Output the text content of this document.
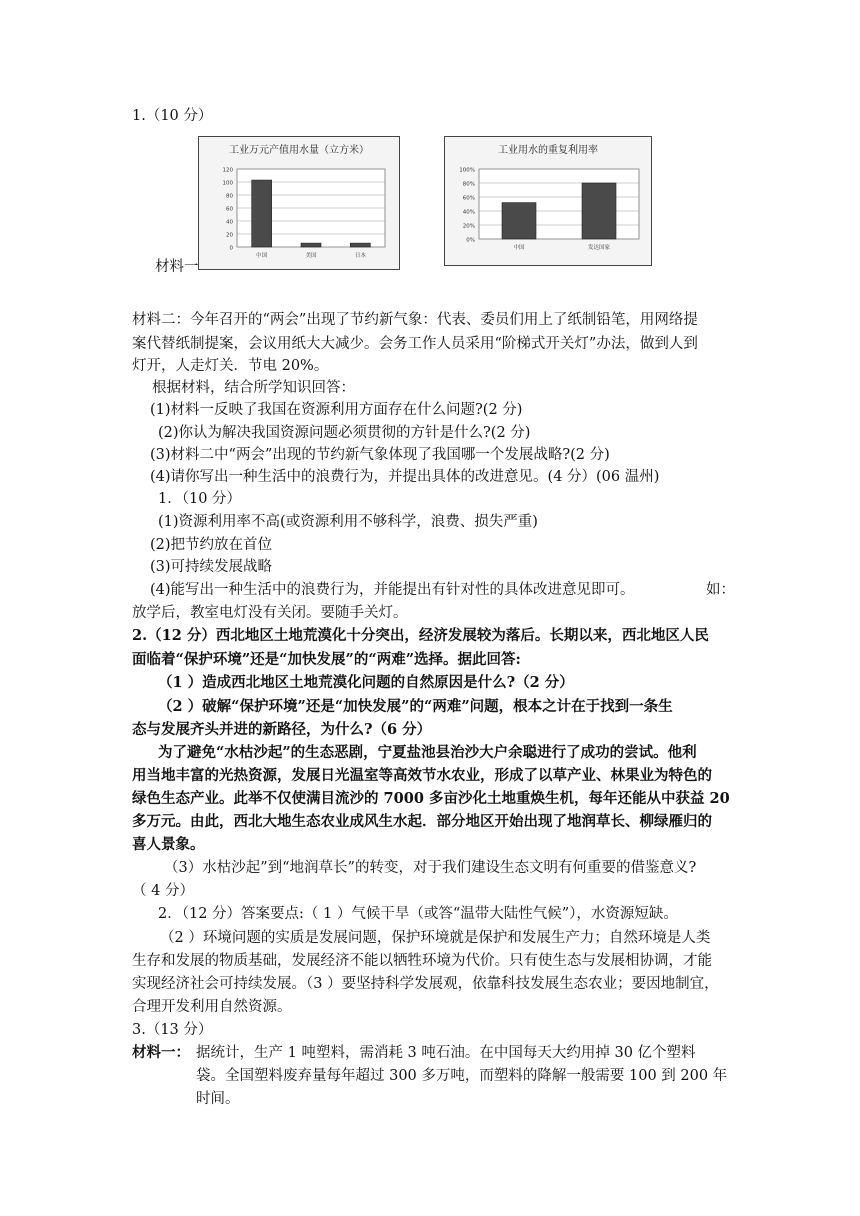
1.（10 分）
工业万元产值用水量（立方米）
0
20
40
60
80
100
120
中国	美国	日本
工业用水的重复利用率
0%
20%
40%
60%
80%
100%
中国	发达国家
材料一
材料二：今年召开的“两会”出现了节约新气象：代表、委员们用上了纸制铅笔，用网络提
案代替纸制提案，会议用纸大大减少。会务工作人员采用“阶梯式开关灯”办法，做到人到
灯开，人走灯关．节电 20%。
根据材料，结合所学知识回答：
(1)材料一反映了我国在资源利用方面存在什么问题?(2 分)
(2)你认为解决我国资源问题必须贯彻的方针是什么?(2 分)
(3)材料二中“两会”出现的节约新气象体现了我国哪一个发展战略?(2 分)
(4)请你写出一种生活中的浪费行为，并提出具体的改进意见。(4 分）(06 温州)
1．（10 分）
(1)资源利用率不高(或资源利用不够科学，浪费、损失严重)
(2)把节约放在首位
(3)可持续发展战略
(4)能写出一种生活中的浪费行为，并能提出有针对性的具体改进意见即可。	如：
放学后，教室电灯没有关闭。要随手关灯。
2.（12 分）西北地区土地荒漠化十分突出，经济发展较为落后。长期以来，西北地区人民
面临着“保护环境”还是“加快发展”的“两难”选择。据此回答:
（1 ）造成西北地区土地荒漠化问题的自然原因是什么?（2 分）
（2 ）破解“保护环境”还是“加快发展”的“两难”问题，根本之计在于找到一条生
态与发展齐头并进的新路径，为什么?（6 分）
为了避免“水枯沙起”的生态恶剧，宁夏盐池县治沙大户余聪进行了成功的尝试。他利
用当地丰富的光热资源，发展日光温室等高效节水农业，形成了以草产业、林果业为特色的
绿色生态产业。此举不仅使满目流沙的 7000 多亩沙化土地重焕生机，每年还能从中获益 20
多万元。由此，西北大地生态农业成风生水起．部分地区开始出现了地润草长、柳绿雁归的
喜人景象。
（3）水枯沙起”到“地润草长”的转变，对于我们建设生态文明有何重要的借鉴意义?
（ 4 分）
2．（12 分）答案要点:（ 1 ）气候干旱（或答“温带大陆性气候”），水资源短缺。
（2 ）环境问题的实质是发展问题，保护环境就是保护和发展生产力；自然环境是人类
生存和发展的物质基础，发展经济不能以牺牲环境为代价。只有使生态与发展相协调，才能
实现经济社会可持续发展。（3 ）要坚持科学发展观，依靠科技发展生态农业；要因地制宜，
合理开发利用自然资源。
3.（13 分）
材料一： 据统计，生产 1 吨塑料，需消耗 3 吨石油。在中国每天大约用掉 30 亿个塑料
袋。全国塑料废弃量每年超过 300 多万吨，而塑料的降解一般需要 100 到 200 年
时间。
